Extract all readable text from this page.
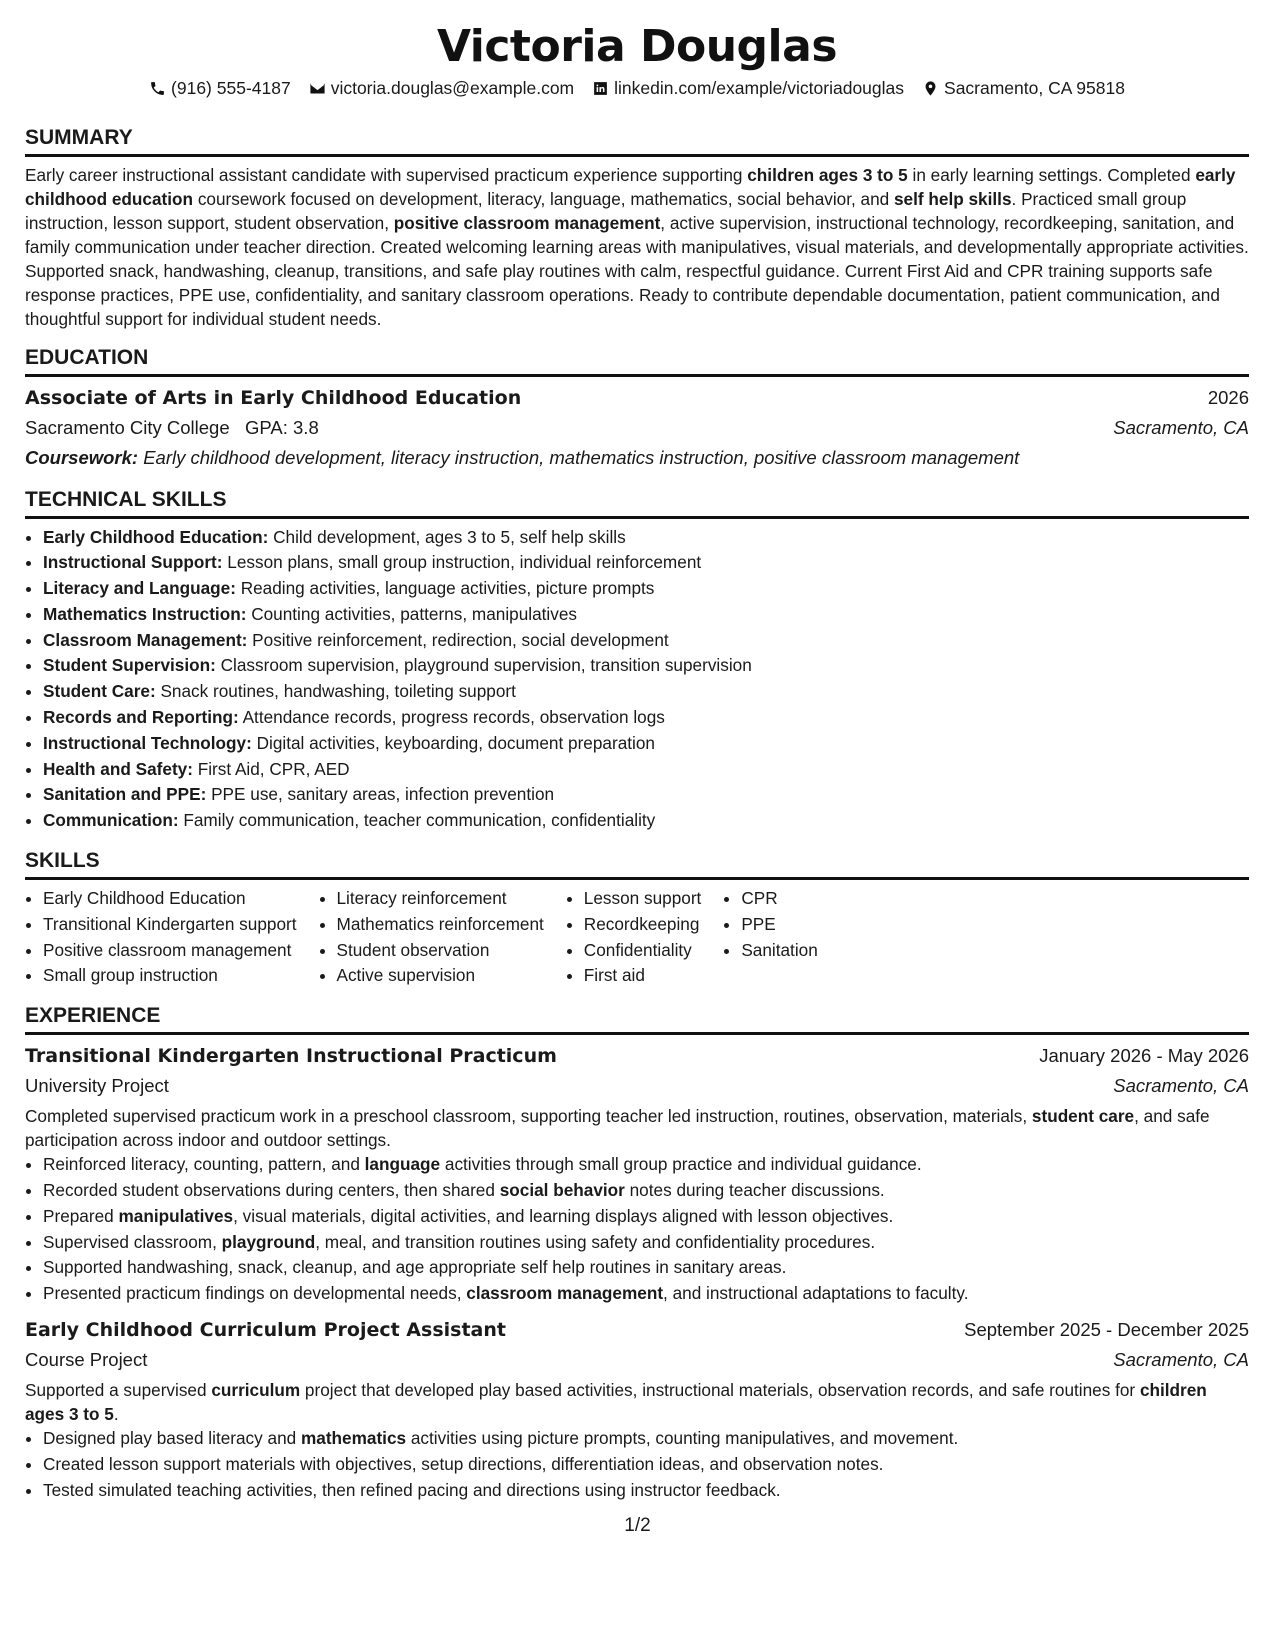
Victoria Douglas
(916) 555-4187 victoria.douglas@example.com linkedin.com/example/victoriadouglas Sacramento, CA 95818
SUMMARY

Early career instructional assistant candidate with supervised practicum experience supporting children ages 3 to 5 in early learning settings. Completed early childhood education coursework focused on development, literacy, language, mathematics, social behavior, and self help skills. Practiced small group instruction, lesson support, student observation, positive classroom management, active supervision, instructional technology, recordkeeping, sanitation, and family communication under teacher direction. Created welcoming learning areas with manipulatives, visual materials, and developmentally appropriate activities. Supported snack, handwashing, cleanup, transitions, and safe play routines with calm, respectful guidance. Current First Aid and CPR training supports safe response practices, PPE use, confidentiality, and sanitary classroom operations. Ready to contribute dependable documentation, patient communication, and thoughtful support for individual student needs.

EDUCATION
Associate of Arts in Early Childhood Education	2026
Sacramento City College GPA: 3.8	Sacramento, CA
Coursework: Early childhood development, literacy instruction, mathematics instruction, positive classroom management
TECHNICAL SKILLS
• Early Childhood Education: Child development, ages 3 to 5, self help skills
• Instructional Support: Lesson plans, small group instruction, individual reinforcement
• Literacy and Language: Reading activities, language activities, picture prompts
• Mathematics Instruction: Counting activities, patterns, manipulatives
• Classroom Management: Positive reinforcement, redirection, social development
• Student Supervision: Classroom supervision, playground supervision, transition supervision
• Student Care: Snack routines, handwashing, toileting support
• Records and Reporting: Attendance records, progress records, observation logs
• Instructional Technology: Digital activities, keyboarding, document preparation
• Health and Safety: First Aid, CPR, AED
• Sanitation and PPE: PPE use, sanitary areas, infection prevention
• Communication: Family communication, teacher communication, confidentiality
SKILLS
• Early Childhood Education
• Transitional Kindergarten support
• Positive classroom management
• Small group instruction
• Literacy reinforcement
• Mathematics reinforcement
• Student observation
• Active supervision
• Lesson support
• Recordkeeping
• Confidentiality
• First aid
• CPR
• PPE
• Sanitation
EXPERIENCE
Transitional Kindergarten Instructional Practicum	January 2026 - May 2026
University Project	Sacramento, CA

Completed supervised practicum work in a preschool classroom, supporting teacher led instruction, routines, observation, materials, student care, and safe participation across indoor and outdoor settings.

• Reinforced literacy, counting, pattern, and language activities through small group practice and individual guidance.
• Recorded student observations during centers, then shared social behavior notes during teacher discussions.
• Prepared manipulatives, visual materials, digital activities, and learning displays aligned with lesson objectives.
• Supervised classroom, playground, meal, and transition routines using safety and confidentiality procedures.
• Supported handwashing, snack, cleanup, and age appropriate self help routines in sanitary areas.
• Presented practicum findings on developmental needs, classroom management, and instructional adaptations to faculty.
Early Childhood Curriculum Project Assistant	September 2025 - December 2025
Course Project	Sacramento, CA

Supported a supervised curriculum project that developed play based activities, instructional materials, observation records, and safe routines for children ages 3 to 5.

• Designed play based literacy and mathematics activities using picture prompts, counting manipulatives, and movement.
• Created lesson support materials with objectives, setup directions, differentiation ideas, and observation notes.
• Tested simulated teaching activities, then refined pacing and directions using instructor feedback.
1/2
